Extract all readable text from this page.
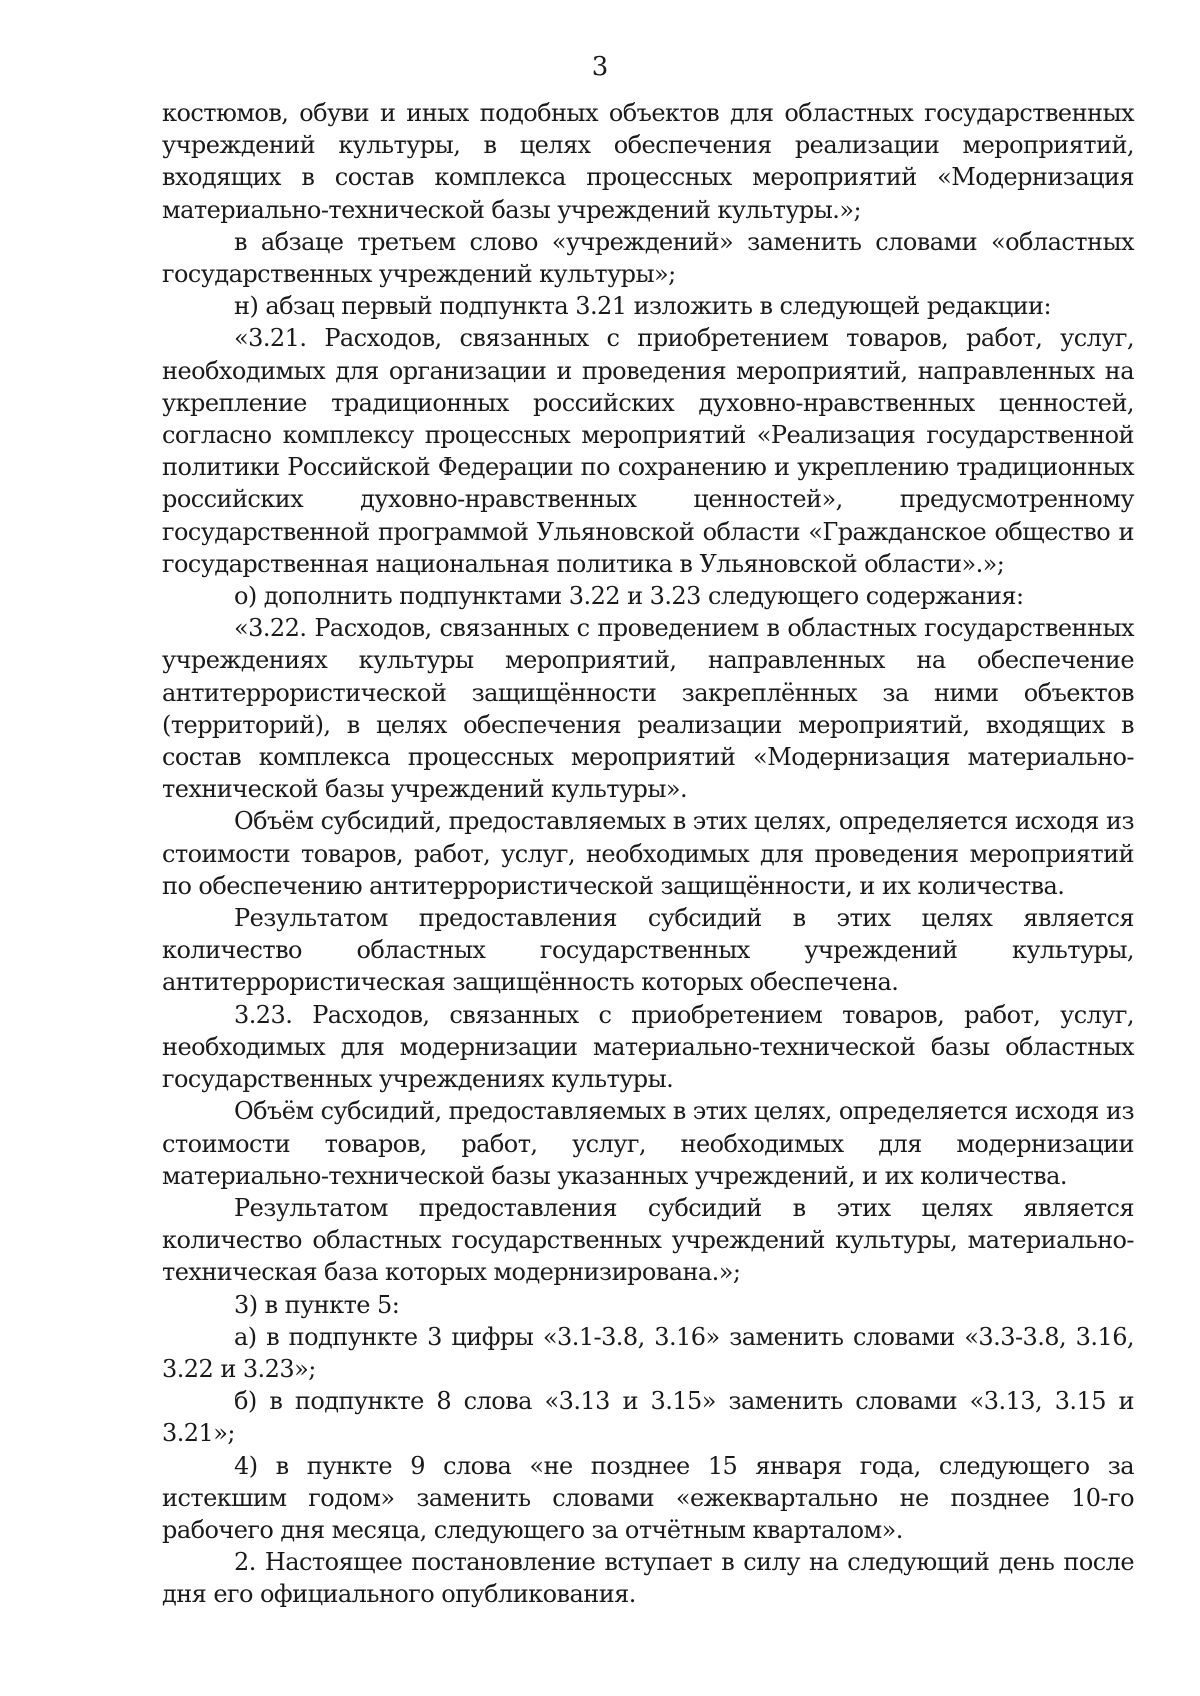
3

костюмов, обуви и иных подобных объектов для областных государственных учреждений культуры, в целях обеспечения реализации мероприятий, входящих в состав комплекса процессных мероприятий «Модернизация материально-технической базы учреждений культуры.»;

в абзаце третьем слово «учреждений» заменить словами «областных государственных учреждений культуры»;

н) абзац первый подпункта 3.21 изложить в следующей редакции:

«3.21. Расходов, связанных с приобретением товаров, работ, услуг, необходимых для организации и проведения мероприятий, направленных на укрепление традиционных российских духовно-нравственных ценностей, согласно комплексу процессных мероприятий «Реализация государственной политики Российской Федерации по сохранению и укреплению традиционных российских духовно-нравственных ценностей», предусмотренному государственной программой Ульяновской области «Гражданское общество и государственная национальная политика в Ульяновской области».»;

о) дополнить подпунктами 3.22 и 3.23 следующего содержания:

«3.22. Расходов, связанных с проведением в областных государственных учреждениях культуры мероприятий, направленных на обеспечение антитеррористической защищённости закреплённых за ними объектов (территорий), в целях обеспечения реализации мероприятий, входящих в состав комплекса процессных мероприятий «Модернизация материально-технической базы учреждений культуры».

Объём субсидий, предоставляемых в этих целях, определяется исходя из стоимости товаров, работ, услуг, необходимых для проведения мероприятий по обеспечению антитеррористической защищённости, и их количества.

Результатом предоставления субсидий в этих целях является количество областных государственных учреждений культуры, антитеррористическая защищённость которых обеспечена.

3.23. Расходов, связанных с приобретением товаров, работ, услуг, необходимых для модернизации материально-технической базы областных государственных учреждениях культуры.

Объём субсидий, предоставляемых в этих целях, определяется исходя из стоимости товаров, работ, услуг, необходимых для модернизации материально-технической базы указанных учреждений, и их количества.

Результатом предоставления субсидий в этих целях является количество областных государственных учреждений культуры, материально-техническая база которых модернизирована.»;

3) в пункте 5:

а) в подпункте 3 цифры «3.1-3.8, 3.16» заменить словами «3.3-3.8, 3.16, 3.22 и 3.23»;

б) в подпункте 8 слова «3.13 и 3.15» заменить словами «3.13, 3.15 и 3.21»;

4) в пункте 9 слова «не позднее 15 января года, следующего за истекшим годом» заменить словами «ежеквартально не позднее 10-го рабочего дня месяца, следующего за отчётным кварталом».

2. Настоящее постановление вступает в силу на следующий день после дня его официального опубликования.
